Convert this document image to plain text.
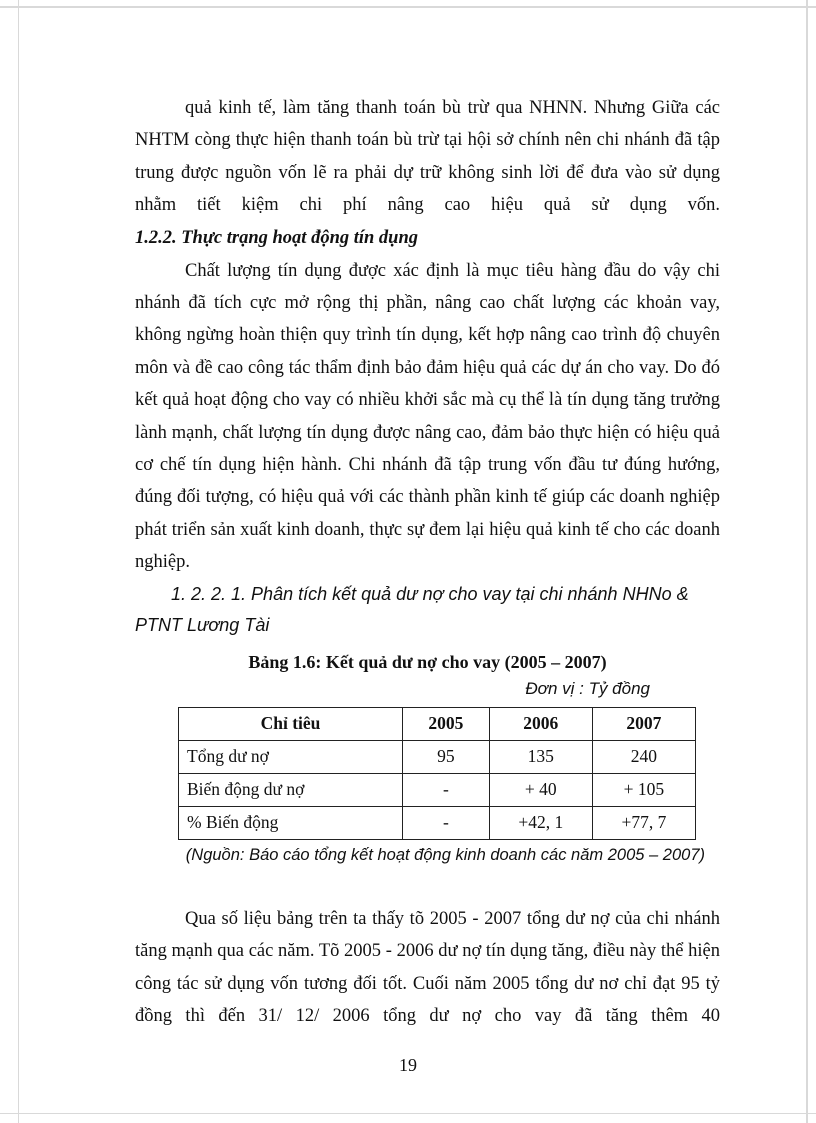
quả kinh tế, làm tăng thanh toán bù trừ qua NHNN. Nhưng Giữa các NHTM còng thực hiện thanh toán bù trừ tại hội sở chính nên chi nhánh đã tập trung được nguồn vốn lẽ ra phải dự trữ không sinh lời để đưa vào sử dụng nhằm tiết kiệm chi phí nâng cao hiệu quả sử dụng vốn.

1.2.2. Thực trạng hoạt động tín dụng

Chất lượng tín dụng được xác định là mục tiêu hàng đầu do vậy chi nhánh đã tích cực mở rộng thị phần, nâng cao chất lượng các khoản vay, không ngừng hoàn thiện quy trình tín dụng, kết hợp nâng cao trình độ chuyên môn và đề cao công tác thẩm định bảo đảm hiệu quả các dự án cho vay. Do đó kết quả hoạt động cho vay có nhiều khởi sắc mà cụ thể là tín dụng tăng trưởng lành mạnh, chất lượng tín dụng được nâng cao, đảm bảo thực hiện có hiệu quả cơ chế tín dụng hiện hành. Chi nhánh đã tập trung vốn đầu tư đúng hướng, đúng đối tượng, có hiệu quả với các thành phần kinh tế giúp các doanh nghiệp phát triển sản xuất kinh doanh, thực sự đem lại hiệu quả kinh tế cho các doanh nghiệp.

1. 2. 2. 1. Phân tích kết quả dư nợ cho vay tại chi nhánh NHNo & PTNT Lương Tài

Bảng 1.6: Kết quả dư nợ cho vay (2005 – 2007)

Đơn vị : Tỷ đồng

Chỉ tiêu	2005	2006	2007
Tổng dư nợ	95	135	240
Biến động dư nợ	-	+ 40	+ 105
% Biến động	-	+42, 1	+77, 7

(Nguồn: Báo cáo tổng kết hoạt động kinh doanh các năm 2005 – 2007)

Qua số liệu bảng trên ta thấy tõ 2005 - 2007 tổng dư nợ của chi nhánh tăng mạnh qua các năm. Tõ 2005 - 2006 dư nợ tín dụng tăng, điều này thể hiện công tác sử dụng vốn tương đối tốt. Cuối năm 2005 tổng dư nơ chỉ đạt 95 tỷ đồng thì đến 31/ 12/ 2006 tổng dư nợ cho vay đã tăng thêm 40

19
